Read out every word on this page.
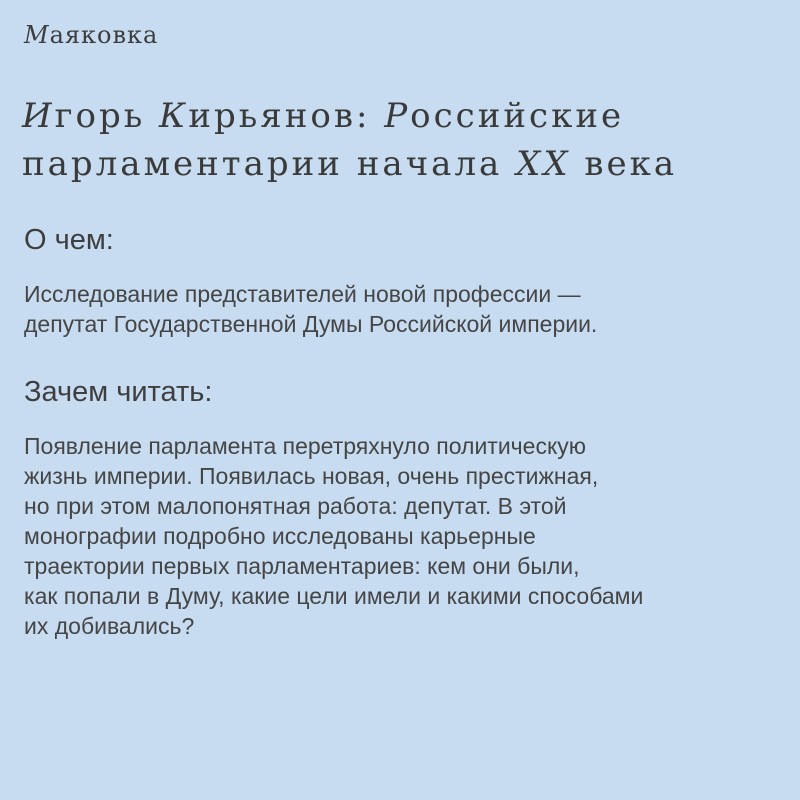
Маяковка
Игорь Кирьянов: Российские
парламентарии начала XX века
О чем:

Исследование представителей новой профессии —
депутат Государственной Думы Российской империи.

Зачем читать:

Появление парламента перетряхнуло политическую
жизнь империи. Появилась новая, очень престижная,
но при этом малопонятная работа: депутат. В этой
монографии подробно исследованы карьерные
траектории первых парламентариев: кем они были,
как попали в Думу, какие цели имели и какими способами
их добивались?
